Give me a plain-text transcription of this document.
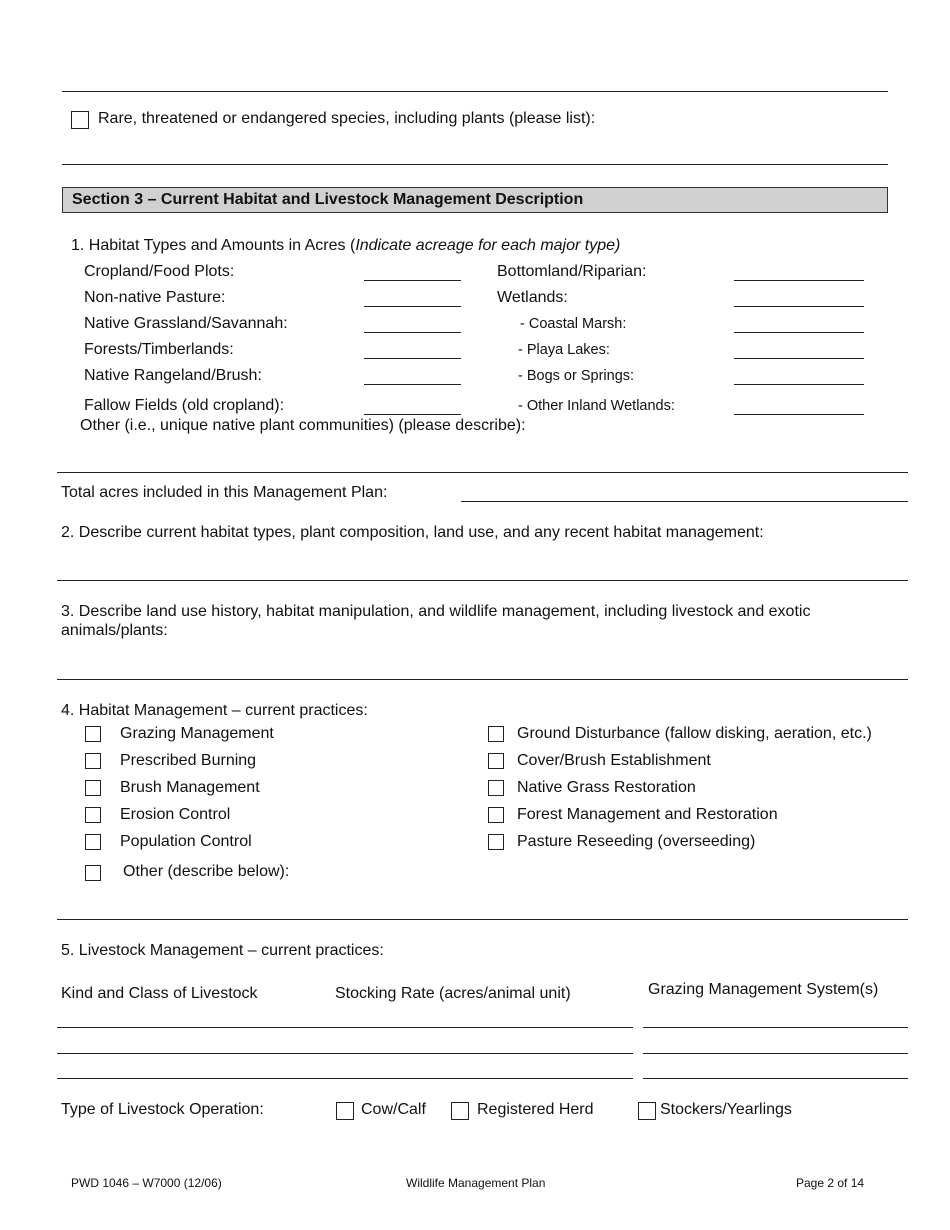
Rare, threatened or endangered species, including plants (please list):
Section 3 – Current Habitat and Livestock Management Description
1. Habitat Types and Amounts in Acres (Indicate acreage for each major type)
Cropland/Food Plots:
Non-native Pasture:
Native Grassland/Savannah:
Forests/Timberlands:
Native Rangeland/Brush:
Fallow Fields (old cropland):
Bottomland/Riparian:
Wetlands:
- Coastal Marsh:
- Playa Lakes:
- Bogs or Springs:
- Other Inland Wetlands:
Other (i.e., unique native plant communities) (please describe):
Total acres included in this Management Plan:
2. Describe current habitat types, plant composition, land use, and any recent habitat management:
3. Describe land use history, habitat manipulation, and wildlife management, including livestock and exotic
animals/plants:
4. Habitat Management – current practices:
Grazing Management
Prescribed Burning
Brush Management
Erosion Control
Population Control
Other (describe below):
Ground Disturbance (fallow disking, aeration, etc.)
Cover/Brush Establishment
Native Grass Restoration
Forest Management and Restoration
Pasture Reseeding (overseeding)
5. Livestock Management – current practices:
Kind and Class of Livestock	Stocking Rate (acres/animal unit)	Grazing Management System(s)
Type of Livestock Operation:	Cow/Calf	Registered Herd	Stockers/Yearlings
PWD 1046 – W7000 (12/06)	Wildlife Management Plan	Page 2 of 14
